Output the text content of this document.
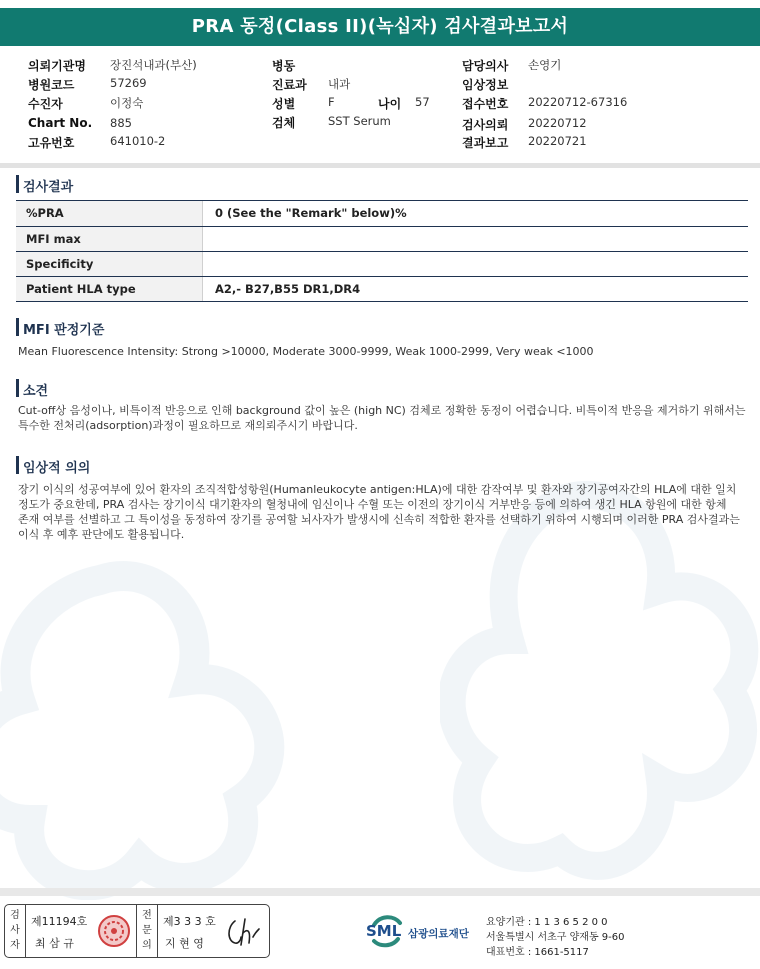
PRA 동정(Class II)(녹십자) 검사결과보고서
의뢰기관명 장진석내과(부산)
병원코드	57269
수진자	이정숙
Chart No. 885
고유번호	641010-2
병동
진료과 내과
성별	F	나이 57
검체	SST Serum
담당의사 손영기
임상정보
접수번호 20220712-67316
검사의뢰 20220712
결과보고 20220721
검사결과
%PRA	0 (See the "Remark" below)%
MFI max
Specificity
Patient HLA type	A2,- B27,B55 DR1,DR4
MFI 판정기준
Mean Fluorescence Intensity: Strong >10000, Moderate 3000-9999, Weak 1000-2999, Very weak <1000
소견
Cut-off상 음성이나, 비특이적 반응으로 인해 background 값이 높은 (high NC) 검체로 정확한 동정이 어렵습니다. 비특이적 반응을 제거하기 위해서는
특수한 전처리(adsorption)과정이 필요하므로 재의뢰주시기 바랍니다.
임상적 의의
장기 이식의 성공여부에 있어 환자의 조직적합성항원(Humanleukocyte antigen:HLA)에 대한 감작여부 및 환자와 장기공여자간의 HLA에 대한 일치
정도가 중요한데, PRA 검사는 장기이식 대기환자의 혈청내에 임신이나 수혈 또는 이전의 장기이식 거부반응 등에 의하여 생긴 HLA 항원에 대한 항체
존재 여부를 선별하고 그 특이성을 동정하여 장기를 공여할 뇌사자가 발생시에 신속히 적합한 환자를 선택하기 위하여 시행되며 이러한 PRA 검사결과는
이식 후 예후 판단에도 활용됩니다.
검
사
자
제11194호
최 삼 규
전
문
의
제3 3 3 호
지 현 영
SML 삼광의료재단
요양기관 : 1 1 3 6 5 2 0 0
서울특별시 서초구 양재동 9-60
대표번호 : 1661-5117
